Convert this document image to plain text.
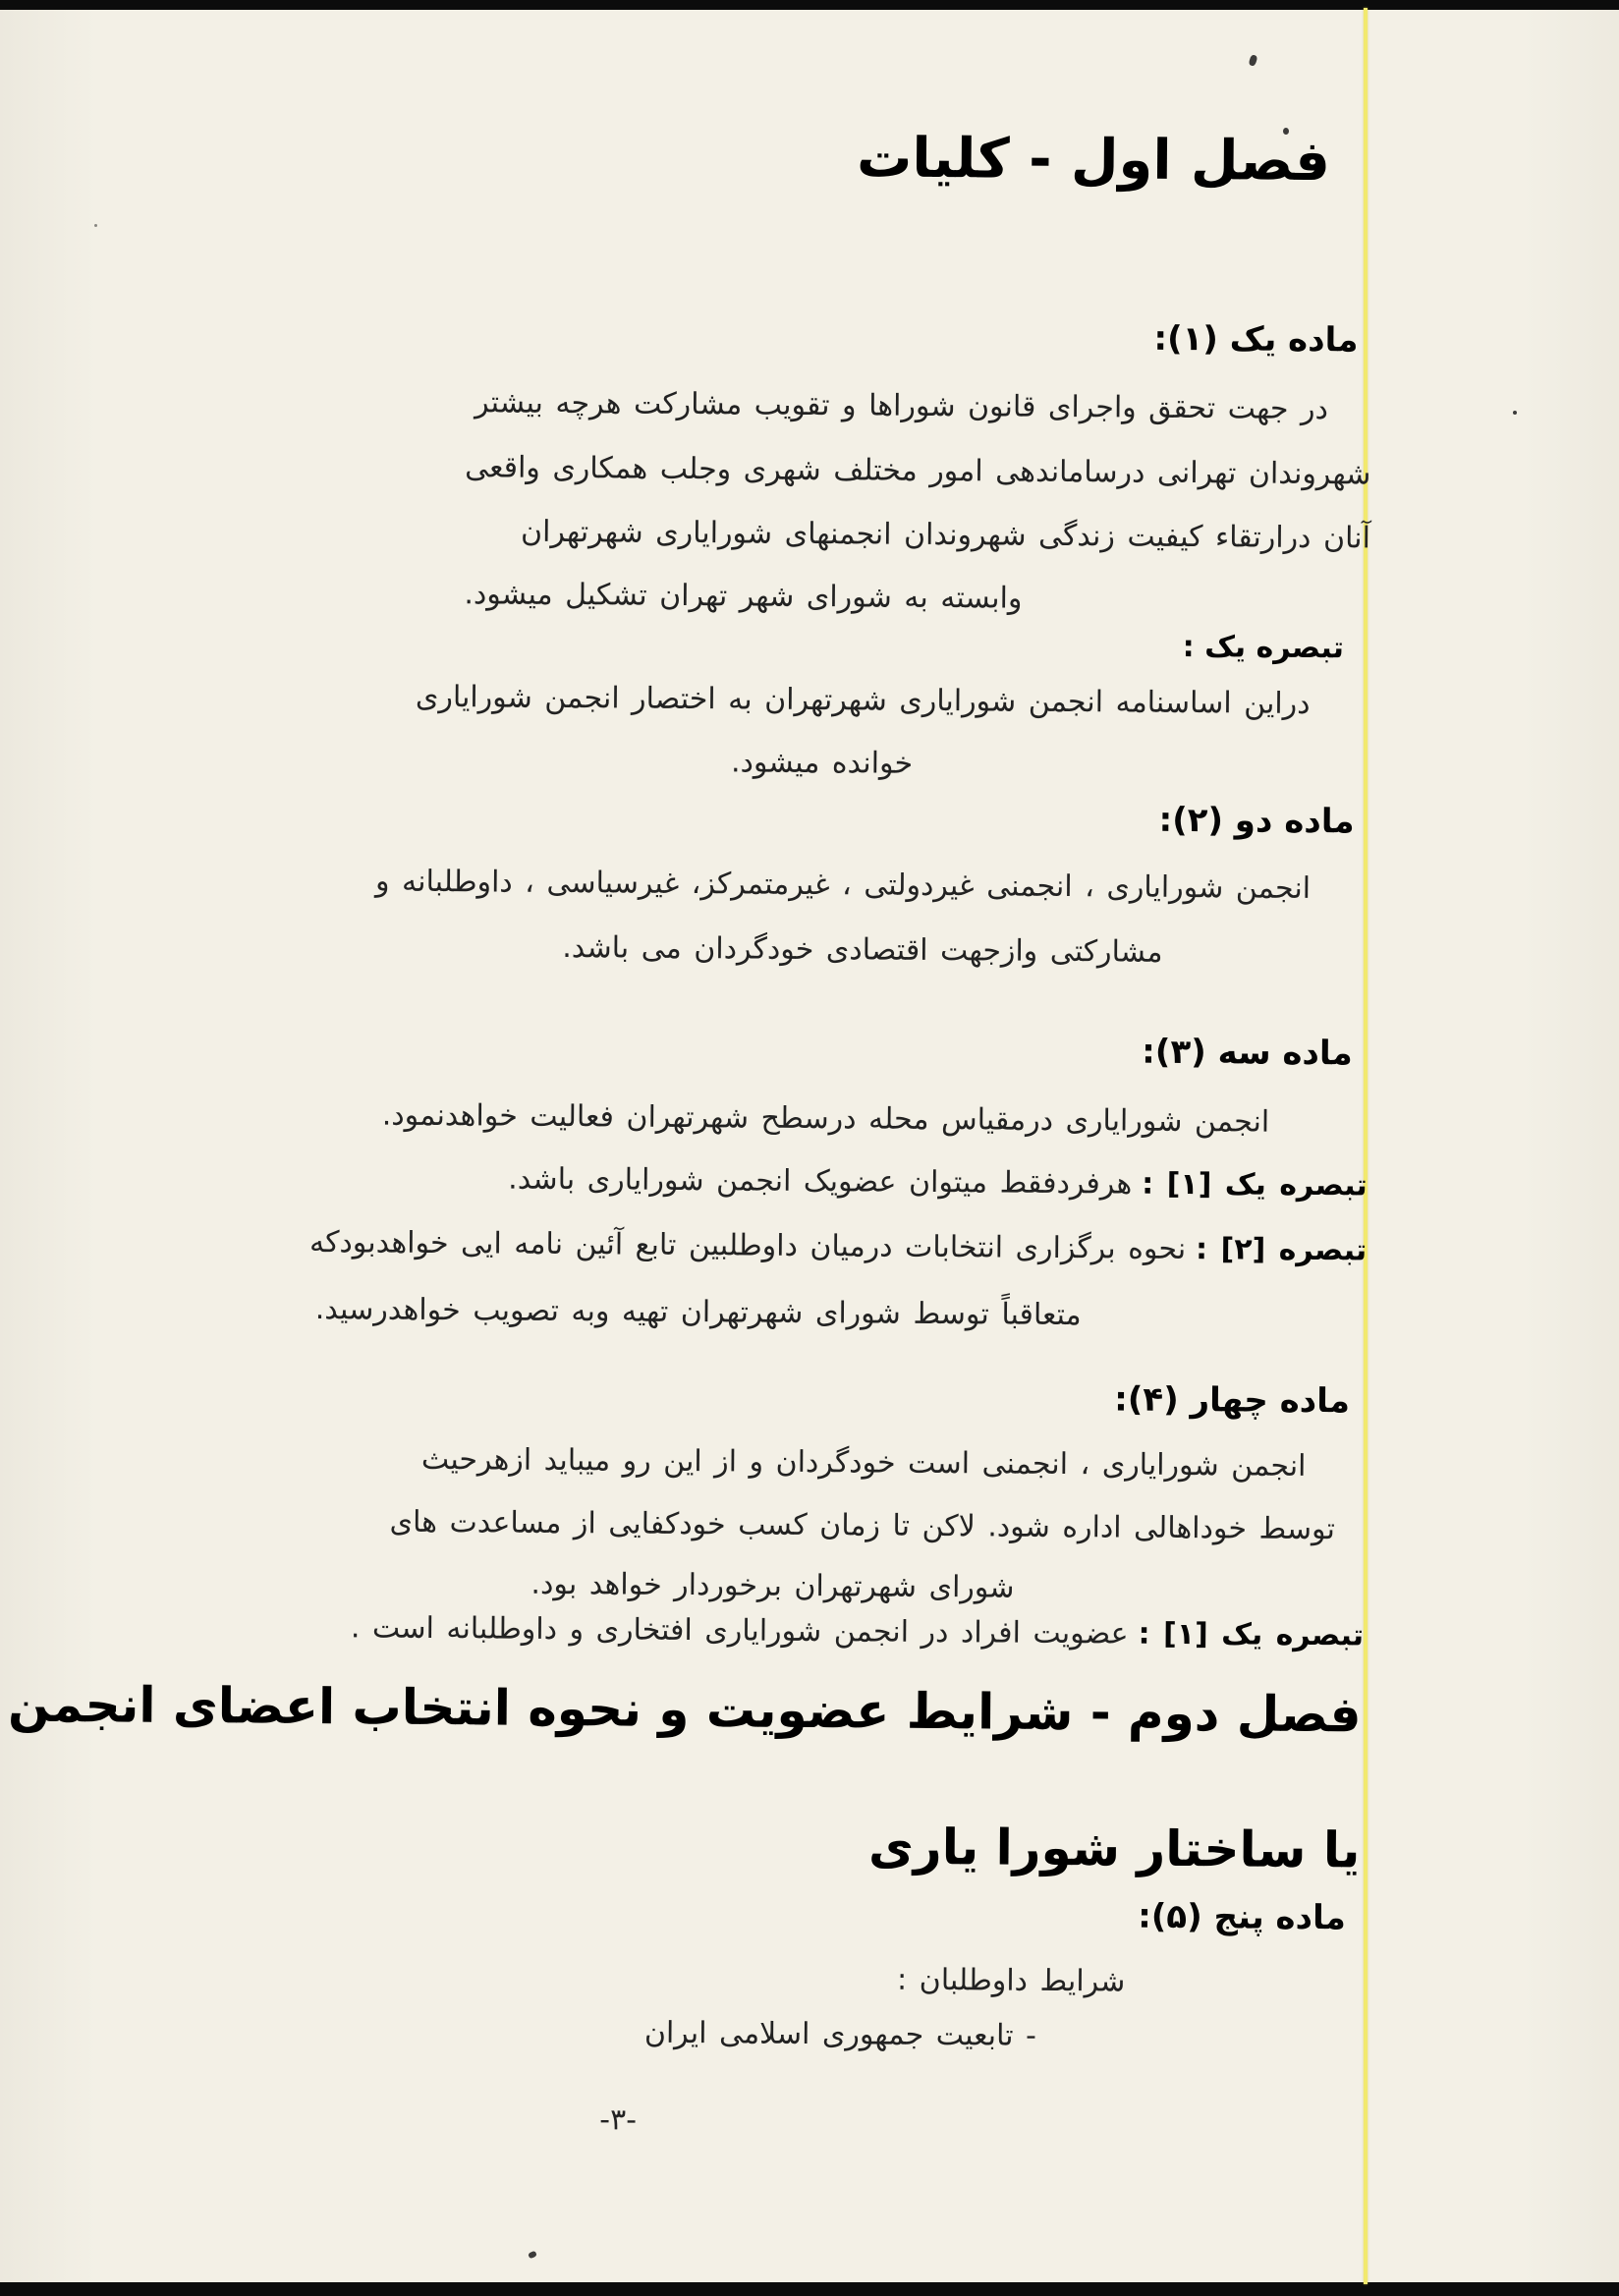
فصل اول - کلیات
ماده یک (۱):
در جهت تحقق واجرای قانون شوراها و تقویب مشارکت هرچه بیشتر
شهروندان تهرانی درساماندهی امور مختلف شهری وجلب همکاری واقعی
آنان درارتقاء کیفیت زندگی شهروندان انجمنهای شورایاری شهرتهران
وابسته به شورای شهر تهران تشکیل میشود.
تبصره یک :
دراین اساسنامه انجمن شورایاری شهرتهران به اختصار انجمن شورایاری
خوانده میشود.
ماده دو (۲):
انجمن شورایاری ، انجمنی غیردولتی ، غیرمتمرکز، غیرسیاسی ، داوطلبانه و
مشارکتی وازجهت اقتصادی خودگردان می باشد.
ماده سه (۳):
انجمن شورایاری درمقیاس محله درسطح شهرتهران فعالیت خواهدنمود.
تبصره یک [۱] :هرفردفقط میتوان عضویک انجمن شورایاری باشد.
تبصره [۲] :نحوه برگزاری انتخابات درمیان داوطلبین تابع آئین نامه ایی خواهدبودکه
متعاقباً توسط شورای شهرتهران تهیه وبه تصویب خواهدرسید.
ماده چهار (۴):
انجمن شورایاری ، انجمنی است خودگردان و از این رو میباید ازهرحیث
توسط خوداهالی اداره شود. لاکن تا زمان کسب خودکفایی از مساعدت های
شورای شهرتهران برخوردار خواهد بود.
تبصره یک [۱] :عضویت افراد در انجمن شورایاری افتخاری و داوطلبانه است .
فصل دوم - شرایط عضویت و نحوه انتخاب اعضای انجمن
یا ساختار شورا یاری
ماده پنج (۵):
شرایط داوطلبان :
- تابعیت جمهوری اسلامی ایران
-۳-
